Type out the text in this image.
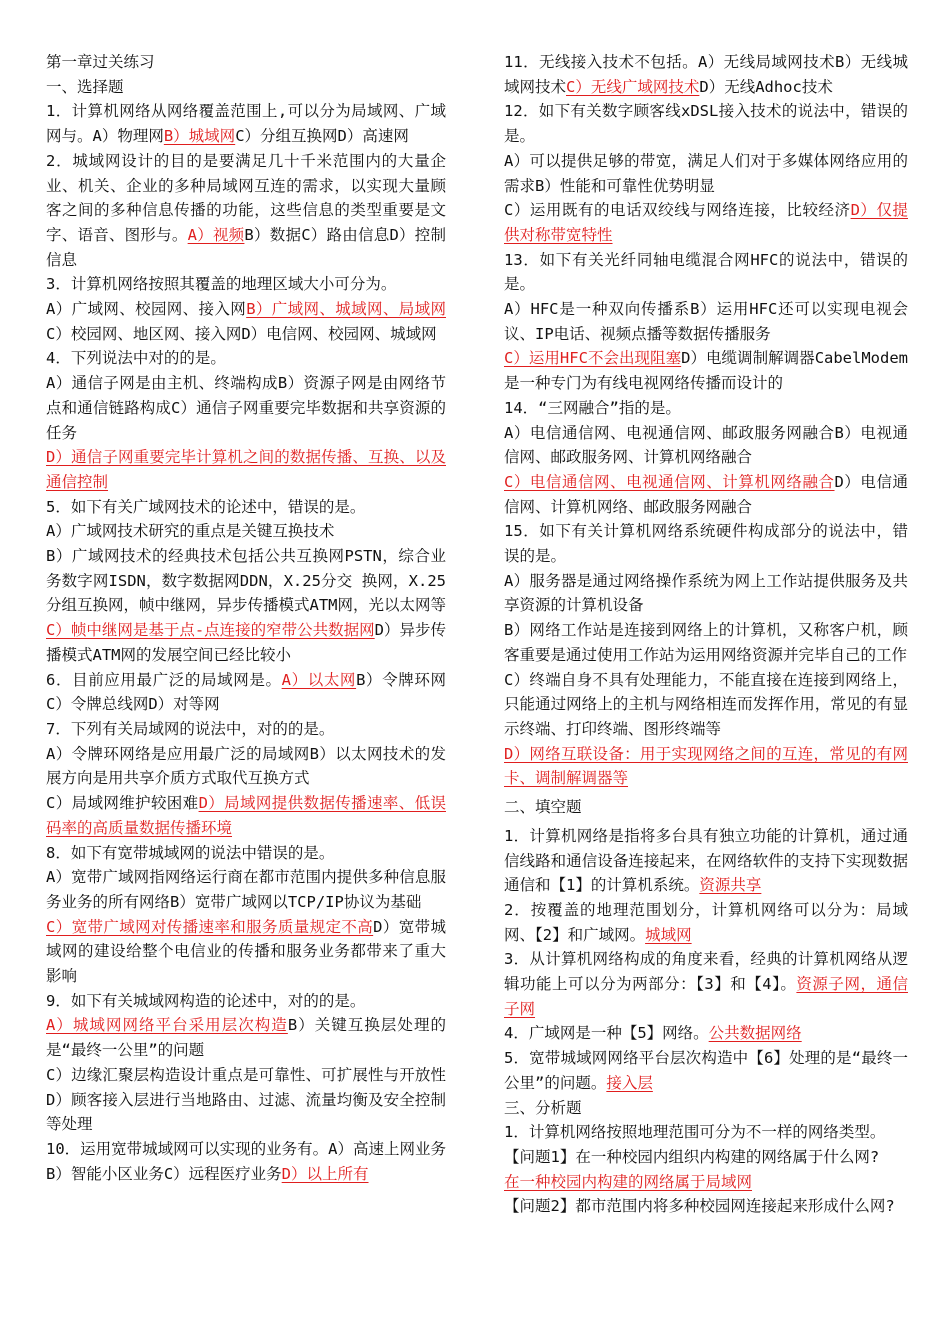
第一章过关练习

一、选择题

1．计算机网络从网络覆盖范围上,可以分为局域网、广域网与。A）物理网B）城域网C）分组互换网D）高速网

2．城域网设计的目的是要满足几十千米范围内的大量企业、机关、企业的多种局域网互连的需求，以实现大量顾客之间的多种信息传播的功能，这些信息的类型重要是文字、语音、图形与。A）视频B）数据C）路由信息D）控制信息

3．计算机网络按照其覆盖的地理区域大小可分为。

A）广域网、校园网、接入网B）广域网、城域网、局域网C）校园网、地区网、接入网D）电信网、校园网、城域网

4．下列说法中对的的是。

A）通信子网是由主机、终端构成B）资源子网是由网络节点和通信链路构成C）通信子网重要完毕数据和共享资源的任务

D）通信子网重要完毕计算机之间的数据传播、互换、以及通信控制

5．如下有关广域网技术的论述中，错误的是。

A）广域网技术研究的重点是关键互换技术

B）广域网技术的经典技术包括公共互换网PSTN，综合业务数字网ISDN，数字数据网DDN，X.25分交 换网，X.25分组互换网，帧中继网，异步传播模式ATM网，光以太网等C）帧中继网是基于点-点连接的窄带公共数据网D）异步传播模式ATM网的发展空间已经比较小

6．目前应用最广泛的局域网是。A）以太网B）令牌环网C）令牌总线网D）对等网

7．下列有关局域网的说法中，对的的是。

A）令牌环网络是应用最广泛的局域网B）以太网技术的发展方向是用共享介质方式取代互换方式

C）局域网维护较困难D）局域网提供数据传播速率、低误码率的高质量数据传播环境

8．如下有宽带城域网的说法中错误的是。

A）宽带广域网指网络运行商在都市范围内提供多种信息服务业务的所有网络B）宽带广域网以TCP/IP协议为基础

C）宽带广域网对传播速率和服务质量规定不高D）宽带城域网的建设给整个电信业的传播和服务业务都带来了重大影响

9．如下有关城域网构造的论述中，对的的是。

A）城域网网络平台采用层次构造B）关键互换层处理的是“最终一公里”的问题

C）边缘汇聚层构造设计重点是可靠性、可扩展性与开放性D）顾客接入层进行当地路由、过滤、流量均衡及安全控制等处理

10．运用宽带城域网可以实现的业务有。A）高速上网业务B）智能小区业务C）远程医疗业务D）以上所有

11．无线接入技术不包括。A）无线局域网技术B）无线城域网技术C）无线广域网技术D）无线Adhoc技术

12．如下有关数字顾客线xDSL接入技术的说法中，错误的是。

A）可以提供足够的带宽，满足人们对于多媒体网络应用的需求B）性能和可靠性优势明显

C）运用既有的电话双绞线与网络连接，比较经济D）仅提供对称带宽特性

13．如下有关光纤同轴电缆混合网HFC的说法中，错误的是。

A）HFC是一种双向传播系B）运用HFC还可以实现电视会议、IP电话、视频点播等数据传播服务

C）运用HFC不会出现阻塞D）电缆调制解调器CabelModem是一种专门为有线电视网络传播而设计的

14．“三网融合”指的是。

A）电信通信网、电视通信网、邮政服务网融合B）电视通信网、邮政服务网、计算机网络融合

C）电信通信网、电视通信网、计算机网络融合D）电信通信网、计算机网络、邮政服务网融合

15．如下有关计算机网络系统硬件构成部分的说法中，错误的是。

A）服务器是通过网络操作系统为网上工作站提供服务及共享资源的计算机设备

B）网络工作站是连接到网络上的计算机，又称客户机，顾客重要是通过使用工作站为运用网络资源并完毕自己的工作

C）终端自身不具有处理能力，不能直接在连接到网络上，只能通过网络上的主机与网络相连而发挥作用，常见的有显示终端、打印终端、图形终端等

D）网络互联设备：用于实现网络之间的互连，常见的有网卡、调制解调器等

二、填空题

1．计算机网络是指将多台具有独立功能的计算机，通过通信线路和通信设备连接起来，在网络软件的支持下实现数据通信和【1】的计算机系统。资源共享

2．按覆盖的地理范围划分，计算机网络可以分为：局域网、【2】和广域网。城域网

3．从计算机网络构成的角度来看，经典的计算机网络从逻辑功能上可以分为两部分：【3】和【4】。资源子网，通信子网

4．广域网是一种【5】网络。公共数据网络

5．宽带城域网网络平台层次构造中【6】处理的是“最终一公里”的问题。接入层

三、分析题

1．计算机网络按照地理范围可分为不一样的网络类型。

【问题1】在一种校园内组织内构建的网络属于什么网?

在一种校园内构建的网络属于局域网

【问题2】都市范围内将多种校园网连接起来形成什么网?
